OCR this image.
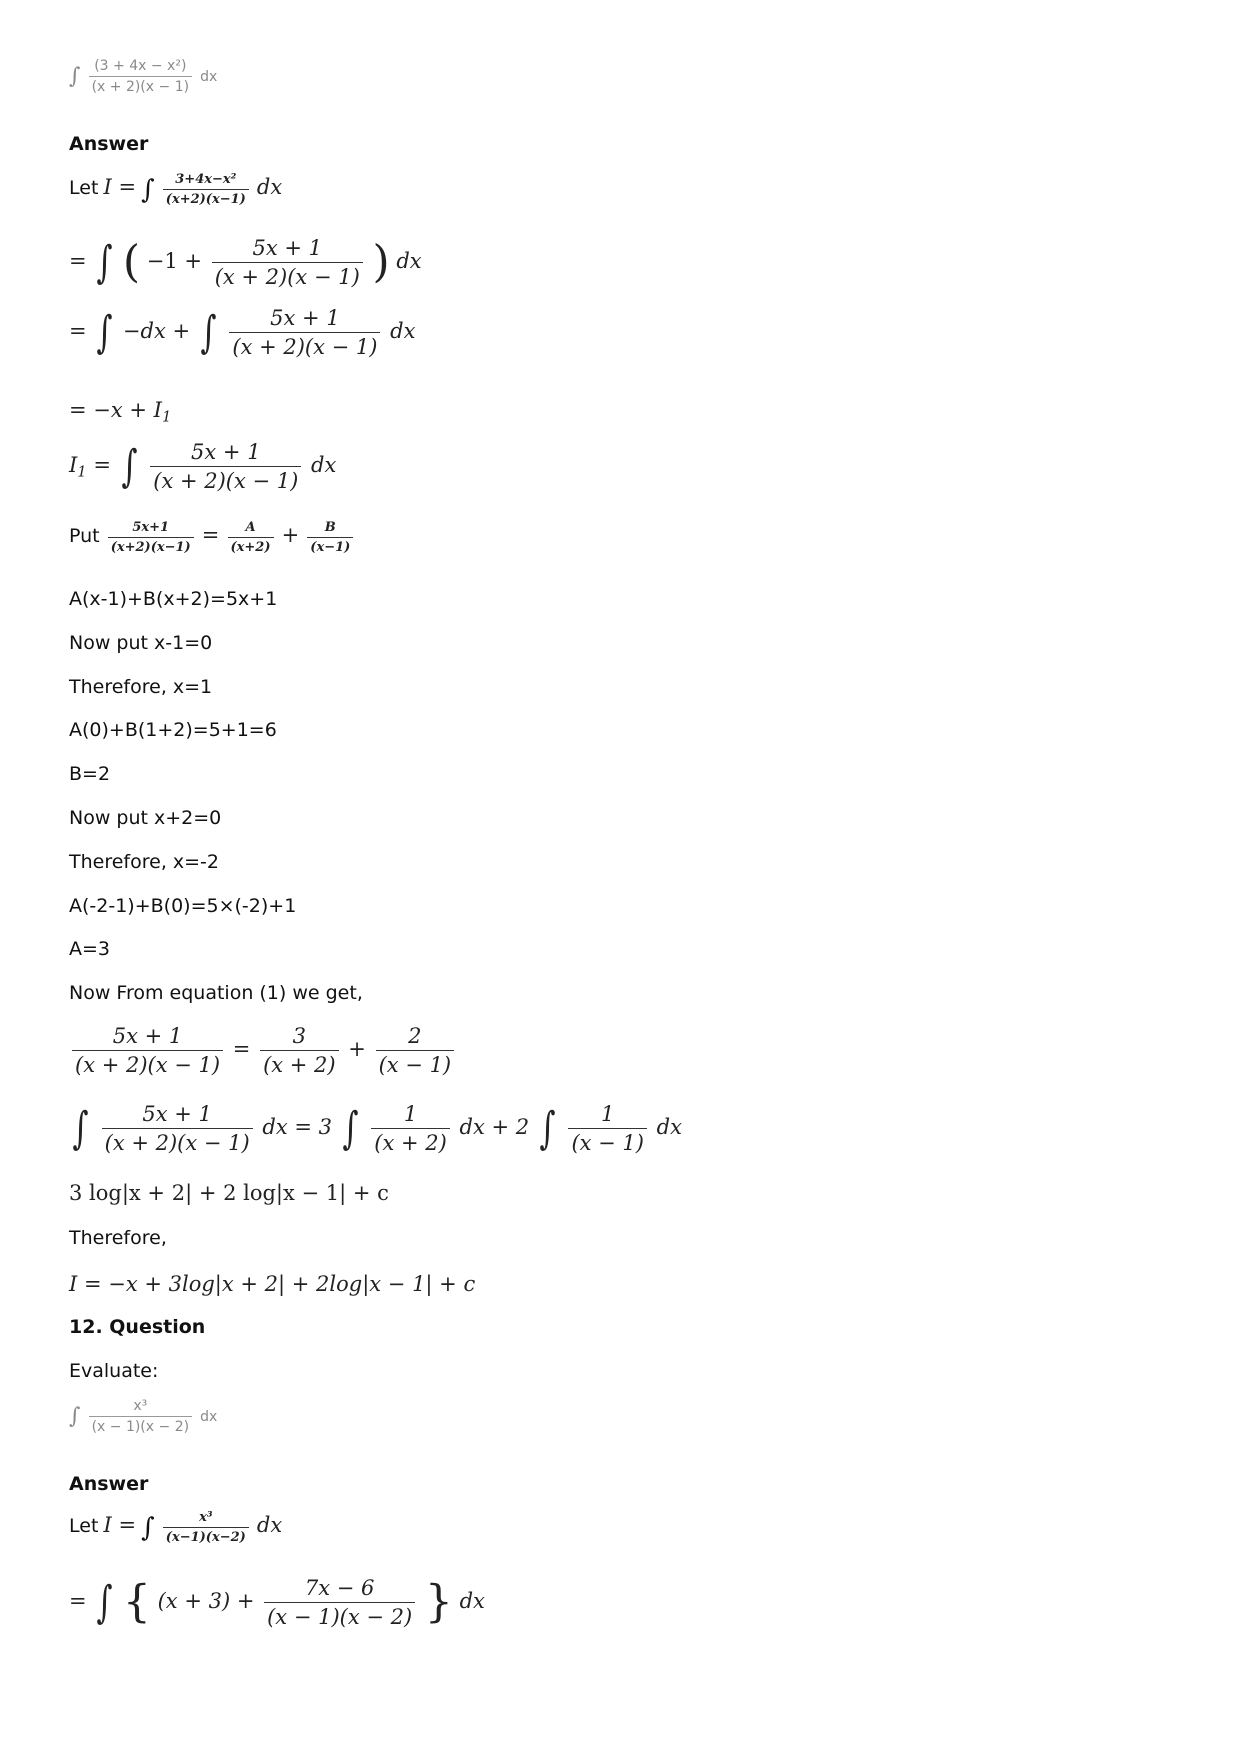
∫ $\frac{\text{(3 + 4x − x²)}}{(x + 2)(x - 1)}$ dx
Answer
Let I = ∫ $\frac{\text{3+4x−x²}}{(x+2)(x-1)}$ dx
= ∫ ( $-1 + \frac{5x + 1}{(x + 2)(x - 1)}$ ) dx
= ∫ −dx + ∫ $\frac{5x + 1}{(x + 2)(x - 1)}$ dx
= $-x + I_1$
$I_1$ = ∫ $\frac{5x + 1}{(x + 2)(x - 1)}$ dx
Put $\frac{5x+1}{(x+2)(x-1)} = \frac{A}{(x+2)} + \frac{B}{(x-1)}$
A(x-1)+B(x+2)=5x+1
Now put x-1=0
Therefore, x=1
A(0)+B(1+2)=5+1=6
B=2
Now put x+2=0
Therefore, x=-2
A(-2-1)+B(0)=5×(-2)+1
A=3
Now From equation (1) we get,
$\frac{5x + 1}{(x + 2)(x - 1)} = \frac{3}{(x + 2)} + \frac{2}{(x - 1)}$
∫ $\frac{5x + 1}{(x + 2)(x - 1)}$ dx = 3 ∫ $\frac{1}{(x + 2)}$ dx + 2 ∫ $\frac{1}{(x - 1)}$ dx
3 log|x + 2| + 2 log|x − 1| + c
Therefore,
I = −x + 3log|x + 2| + 2log|x − 1| + c
12. Question
Evaluate:
∫ $\frac{\text{x³}}{(x - 1)(x - 2)}$ dx
Answer
Let I = ∫ $\frac{\text{x³}}{(x-1)(x-2)}$ dx
= ∫ { $(x + 3) + \frac{7x - 6}{(x - 1)(x - 2)}$ } dx
